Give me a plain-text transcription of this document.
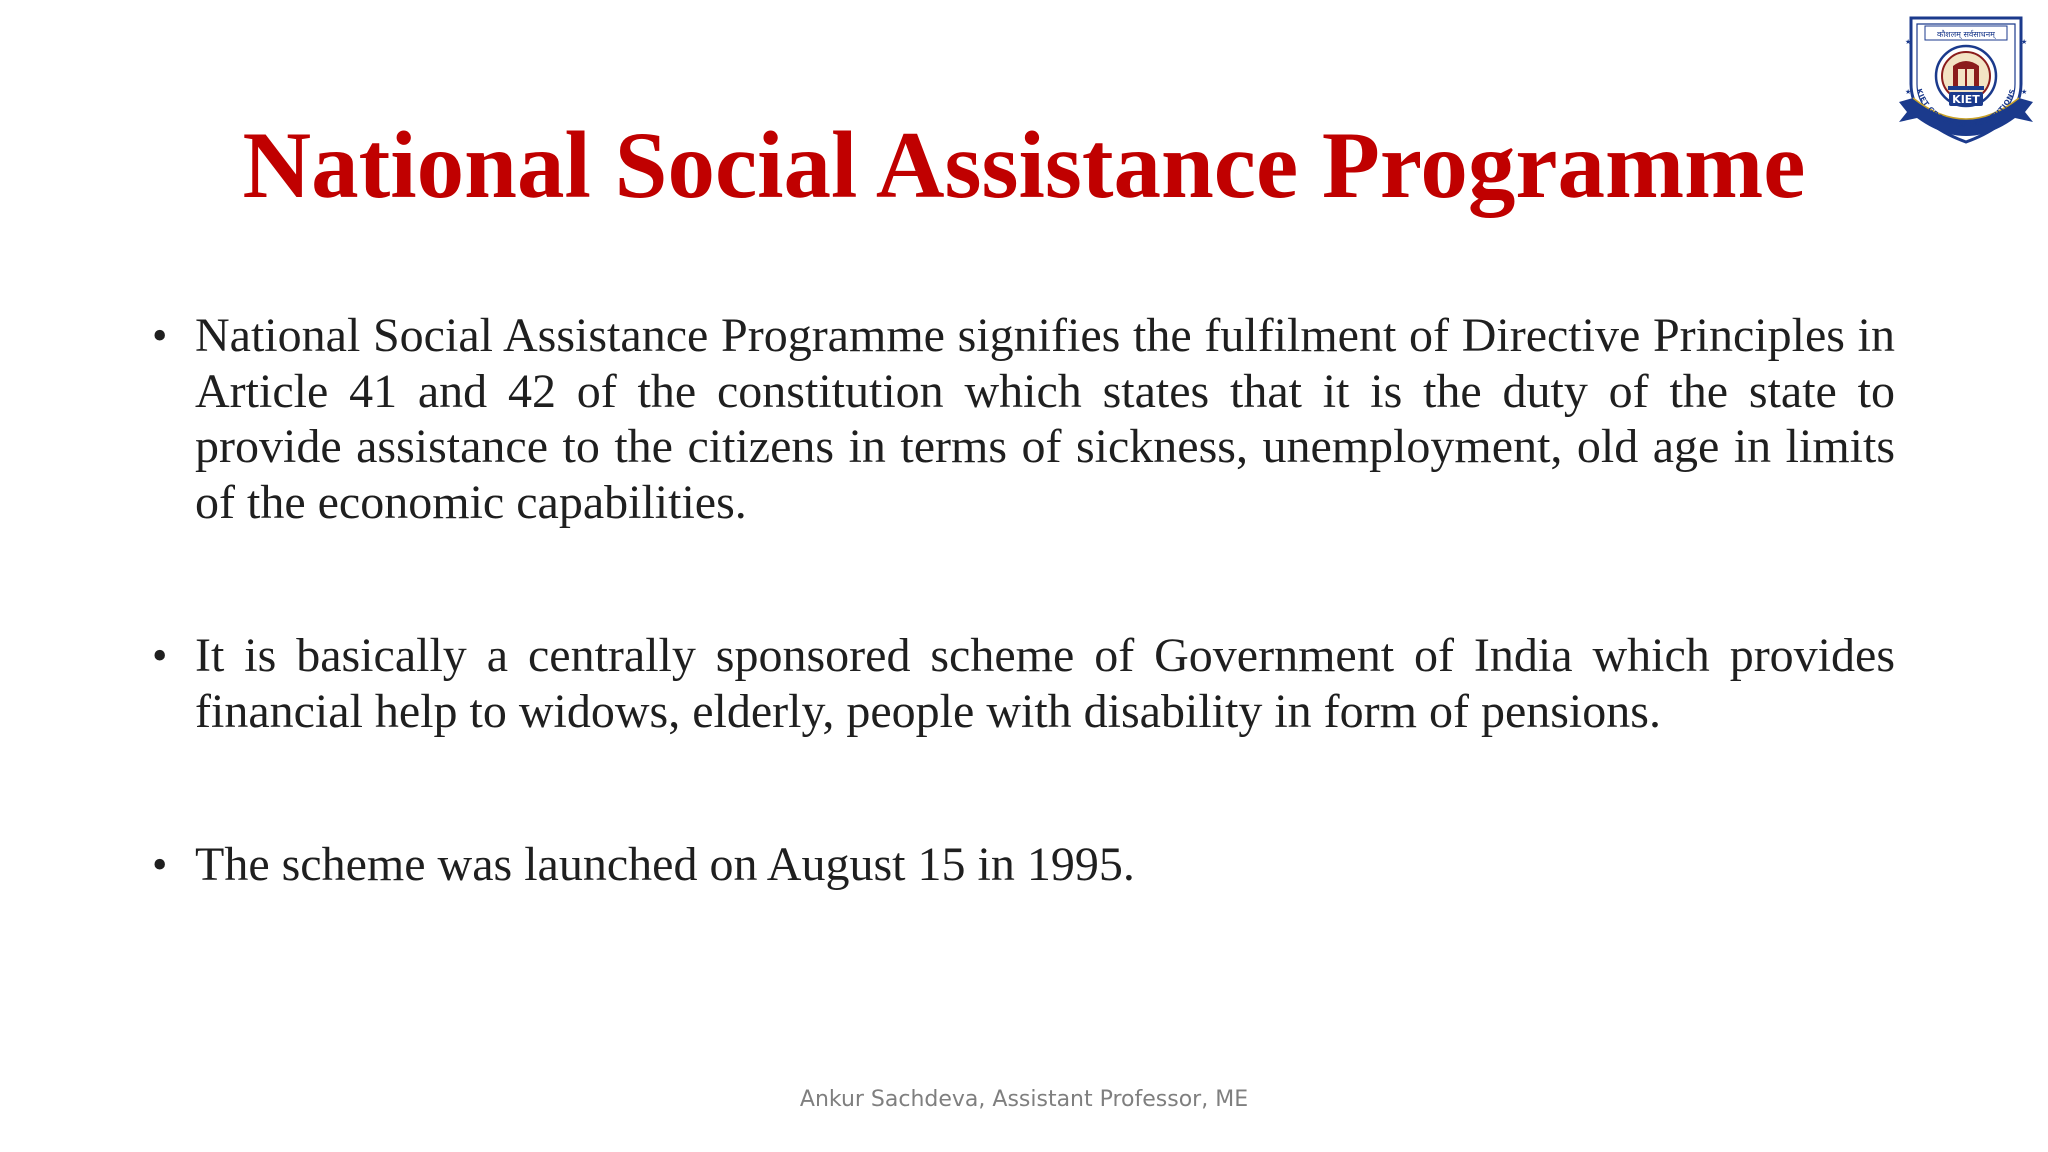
National Social Assistance Programme
• National Social Assistance Programme signifies the fulfilment of Directive Principles in Article 41 and 42 of the constitution which states that it is the duty of the state to provide assistance to the citizens in terms of sickness, unemployment, old age in limits of the economic capabilities.
• It is basically a centrally sponsored scheme of Government of India which provides financial help to widows, elderly, people with disability in form of pensions.
• The scheme was launched on August 15 in 1995.
Ankur Sachdeva, Assistant Professor, ME
कौशलम् सर्वसाधनम्
KIET
★	★
★	★
KIET GROUP OF INSTITUTIONS
